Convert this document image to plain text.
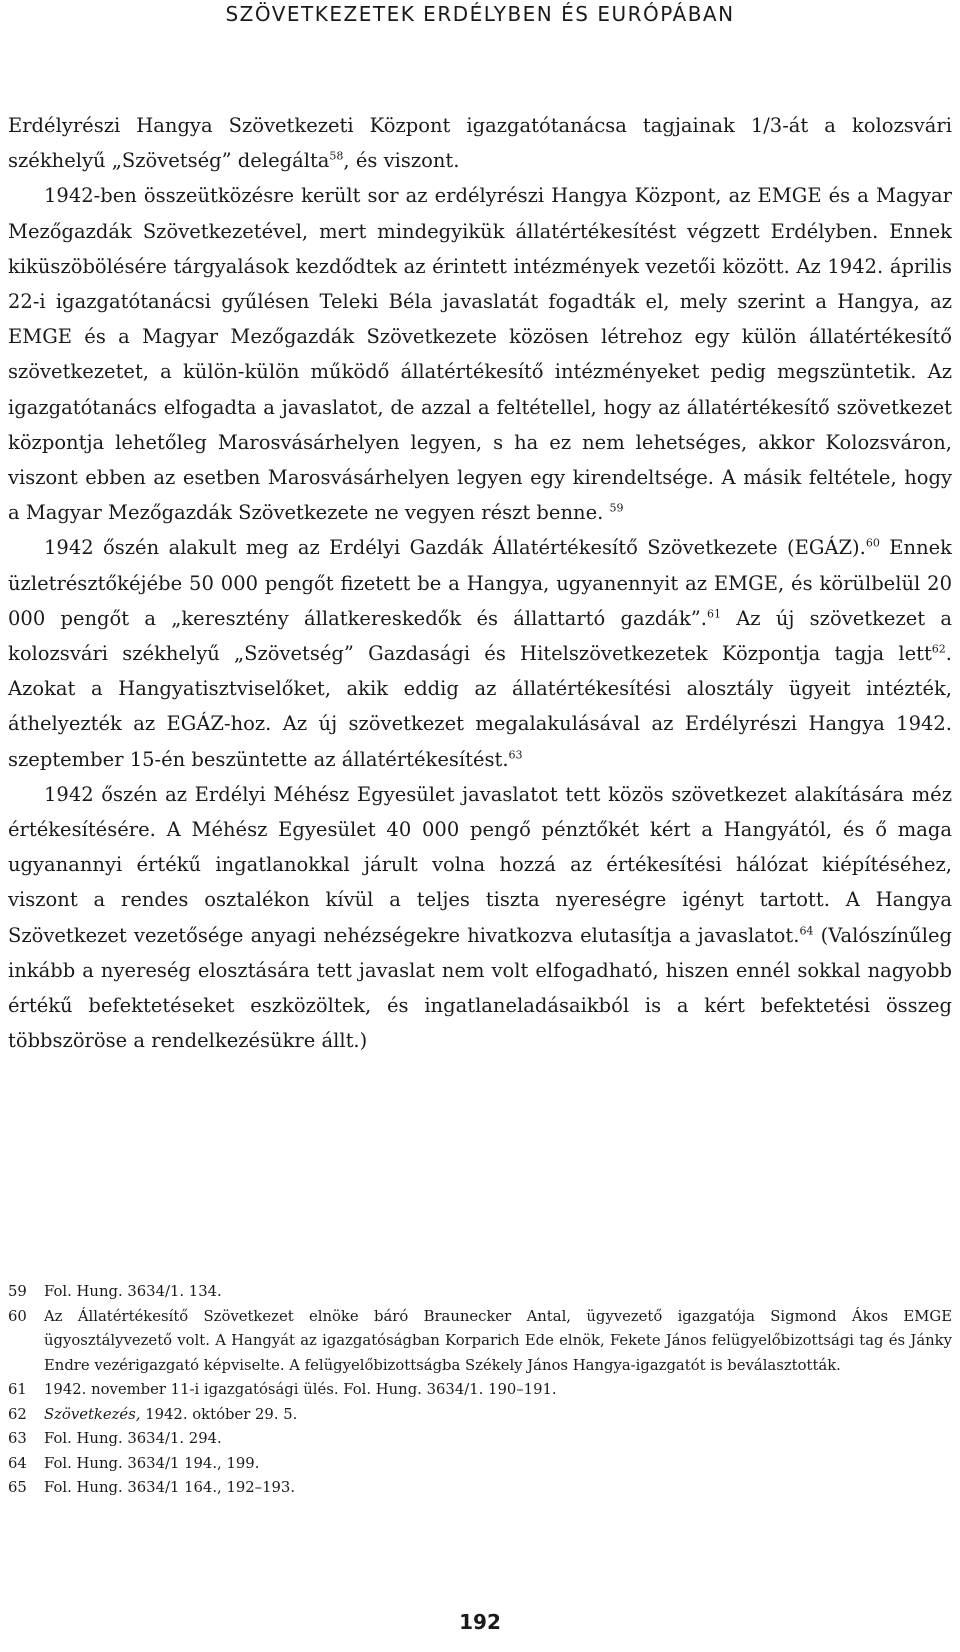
SZÖVETKEZETEK ERDÉLYBEN ÉS EURÓPÁBAN

Erdélyrészi Hangya Szövetkezeti Központ igazgatótanácsa tagjainak 1/3-át a kolozsvári székhelyű „Szövetség” delegálta$^{58}$, és viszont.

1942-ben összeütközésre került sor az erdélyrészi Hangya Központ, az EMGE és a Magyar Mezőgazdák Szövetkezetével, mert mindegyikük állatértékesítést végzett Erdélyben. Ennek kiküszöbölésére tárgyalások kezdődtek az érintett intézmények vezetői között. Az 1942. április 22-i igazgatótanácsi gyűlésen Teleki Béla javaslatát fogadták el, mely szerint a Hangya, az EMGE és a Magyar Mezőgazdák Szövetkezete közösen létrehoz egy külön állatértékesítő szövetkezetet, a külön-külön működő állatértékesítő intézményeket pedig megszüntetik. Az igazgatótanács elfogadta a javaslatot, de azzal a feltétellel, hogy az állatértékesítő szövetkezet központja lehetőleg Marosvásárhelyen legyen, s ha ez nem lehetséges, akkor Kolozsváron, viszont ebben az esetben Marosvásárhelyen legyen egy kirendeltsége. A másik feltétele, hogy a Magyar Mezőgazdák Szövetkezete ne vegyen részt benne. $^{59}$

1942 őszén alakult meg az Erdélyi Gazdák Állatértékesítő Szövetkezete (EGÁZ).$^{60}$ Ennek üzletrésztőkéjébe 50 000 pengőt fizetett be a Hangya, ugyanennyit az EMGE, és körülbelül 20 000 pengőt a „keresztény állatkereskedők és állattartó gazdák”.$^{61}$ Az új szövetkezet a kolozsvári székhelyű „Szövetség” Gazdasági és Hitelszövetkezetek Központja tagja lett$^{62}$. Azokat a Hangyatisztviselőket, akik eddig az állatértékesítési alosztály ügyeit intézték, áthelyezték az EGÁZ-hoz. Az új szövetkezet megalakulásával az Erdélyrészi Hangya 1942. szeptember 15-én beszüntette az állatértékesítést.$^{63}$

1942 őszén az Erdélyi Méhész Egyesület javaslatot tett közös szövetkezet alakítására méz értékesítésére. A Méhész Egyesület 40 000 pengő pénztőkét kért a Hangyától, és ő maga ugyanannyi értékű ingatlanokkal járult volna hozzá az értékesítési hálózat kiépítéséhez, viszont a rendes osztalékon kívül a teljes tiszta nyereségre igényt tartott. A Hangya Szövetkezet vezetősége anyagi nehézségekre hivatkozva elutasítja a javaslatot.$^{64}$ (Valószínűleg inkább a nyereség elosztására tett javaslat nem volt elfogadható, hiszen ennél sokkal nagyobb értékű befektetéseket eszközöltek, és ingatlaneladásaikból is a kért befektetési összeg többszöröse a rendelkezésükre állt.)

59	Fol. Hung. 3634/1. 134.
60	Az Állatértékesítő Szövetkezet elnöke báró Braunecker Antal, ügyvezető igazgatója Sigmond Ákos EMGE ügyosztályvezető volt. A Hangyát az igazgatóságban Korparich Ede elnök, Fekete János felügyelőbizottsági tag és Jánky Endre vezérigazgató képviselte. A felügyelőbizottságba Székely János Hangya-igazgatót is beválasztották.
61	1942. november 11-i igazgatósági ülés. Fol. Hung. 3634/1. 190–191.
62	Szövetkezés, 1942. október 29. 5.
63	Fol. Hung. 3634/1. 294.
64	Fol. Hung. 3634/1 194., 199.
65	Fol. Hung. 3634/1 164., 192–193.
192
